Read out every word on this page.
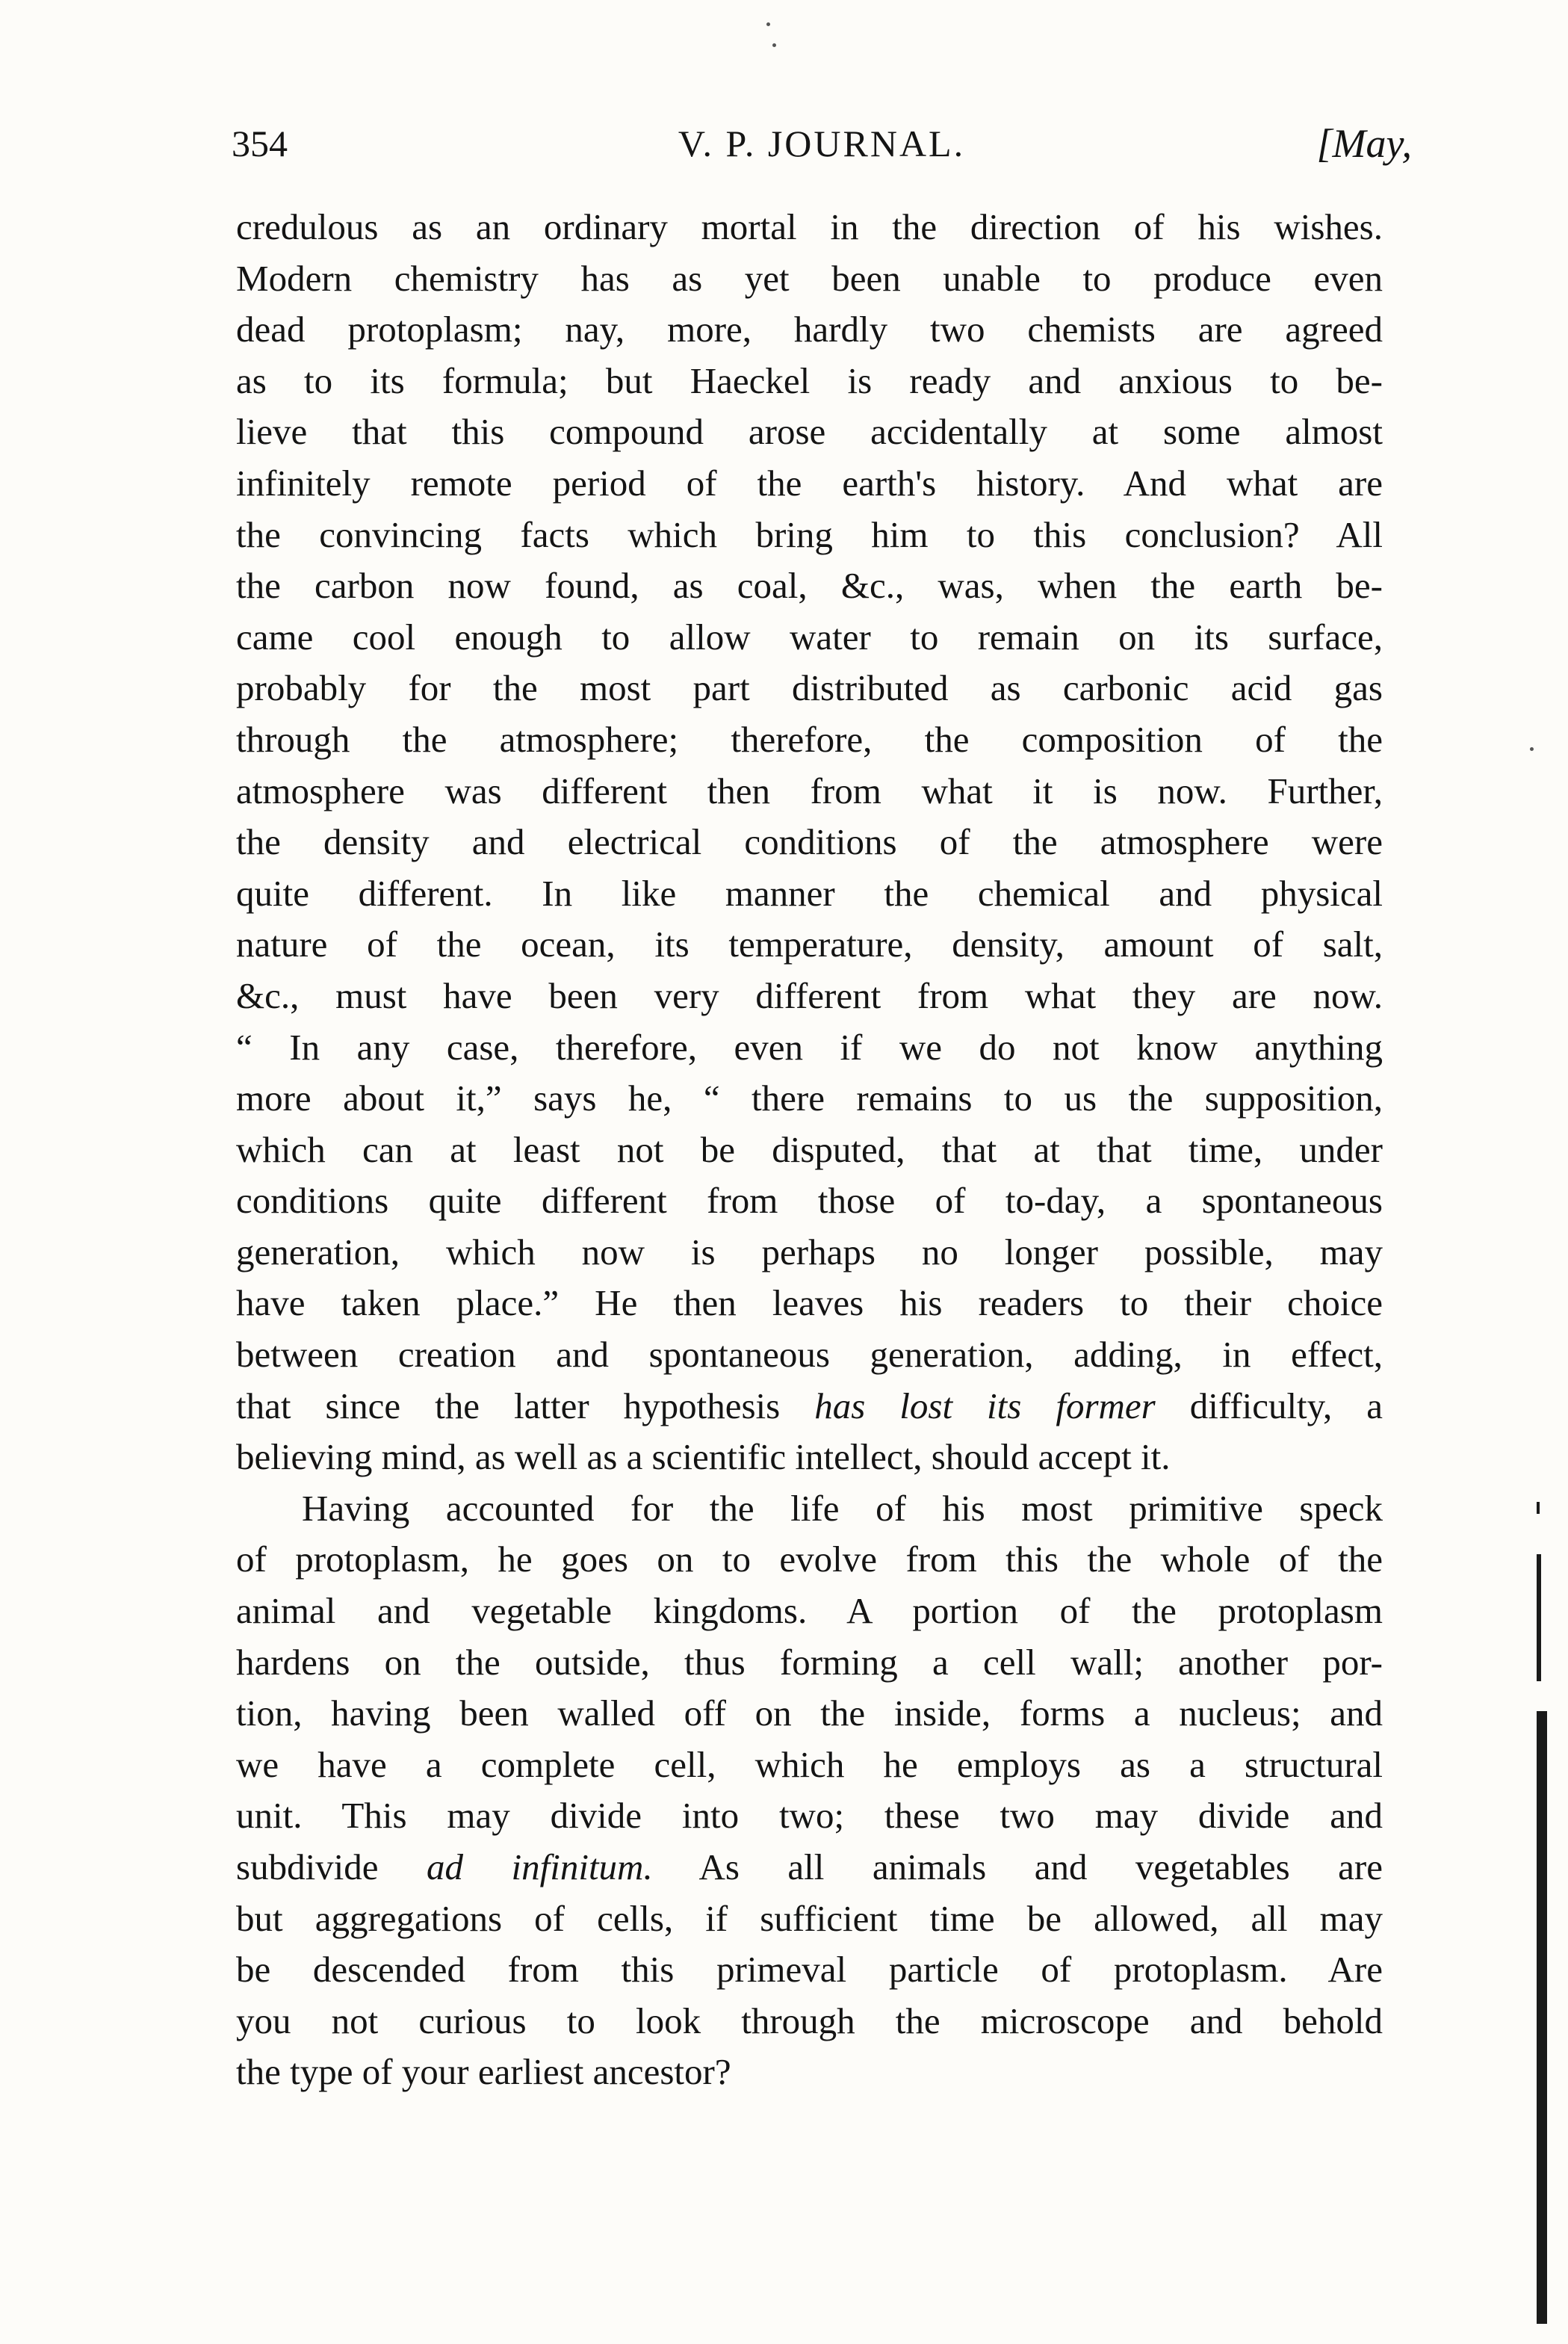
V. P. JOURNAL.
354	[May,
credulous as an ordinary mortal in the direction of his wishes.
Modern chemistry has as yet been unable to produce even
dead protoplasm; nay, more, hardly two chemists are agreed
as to its formula; but Haeckel is ready and anxious to be-
lieve that this compound arose accidentally at some almost
infinitely remote period of the earth's history. And what are
the convincing facts which bring him to this conclusion? All
the carbon now found, as coal, &c., was, when the earth be-
came cool enough to allow water to remain on its surface,
probably for the most part distributed as carbonic acid gas
through the atmosphere; therefore, the composition of the
atmosphere was different then from what it is now. Further,
the density and electrical conditions of the atmosphere were
quite different. In like manner the chemical and physical
nature of the ocean, its temperature, density, amount of salt,
&c., must have been very different from what they are now.
“ In any case, therefore, even if we do not know anything
more about it,” says he, “ there remains to us the supposition,
which can at least not be disputed, that at that time, under
conditions quite different from those of to-day, a spontaneous
generation, which now is perhaps no longer possible, may
have taken place.” He then leaves his readers to their choice
between creation and spontaneous generation, adding, in effect,
that since the latter hypothesis has lost its former difficulty, a
believing mind, as well as a scientific intellect, should accept it.
Having accounted for the life of his most primitive speck
of protoplasm, he goes on to evolve from this the whole of the
animal and vegetable kingdoms. A portion of the protoplasm
hardens on the outside, thus forming a cell wall; another por-
tion, having been walled off on the inside, forms a nucleus; and
we have a complete cell, which he employs as a structural
unit. This may divide into two; these two may divide and
subdivide ad infinitum. As all animals and vegetables are
but aggregations of cells, if sufficient time be allowed, all may
be descended from this primeval particle of protoplasm. Are
you not curious to look through the microscope and behold
the type of your earliest ancestor?
